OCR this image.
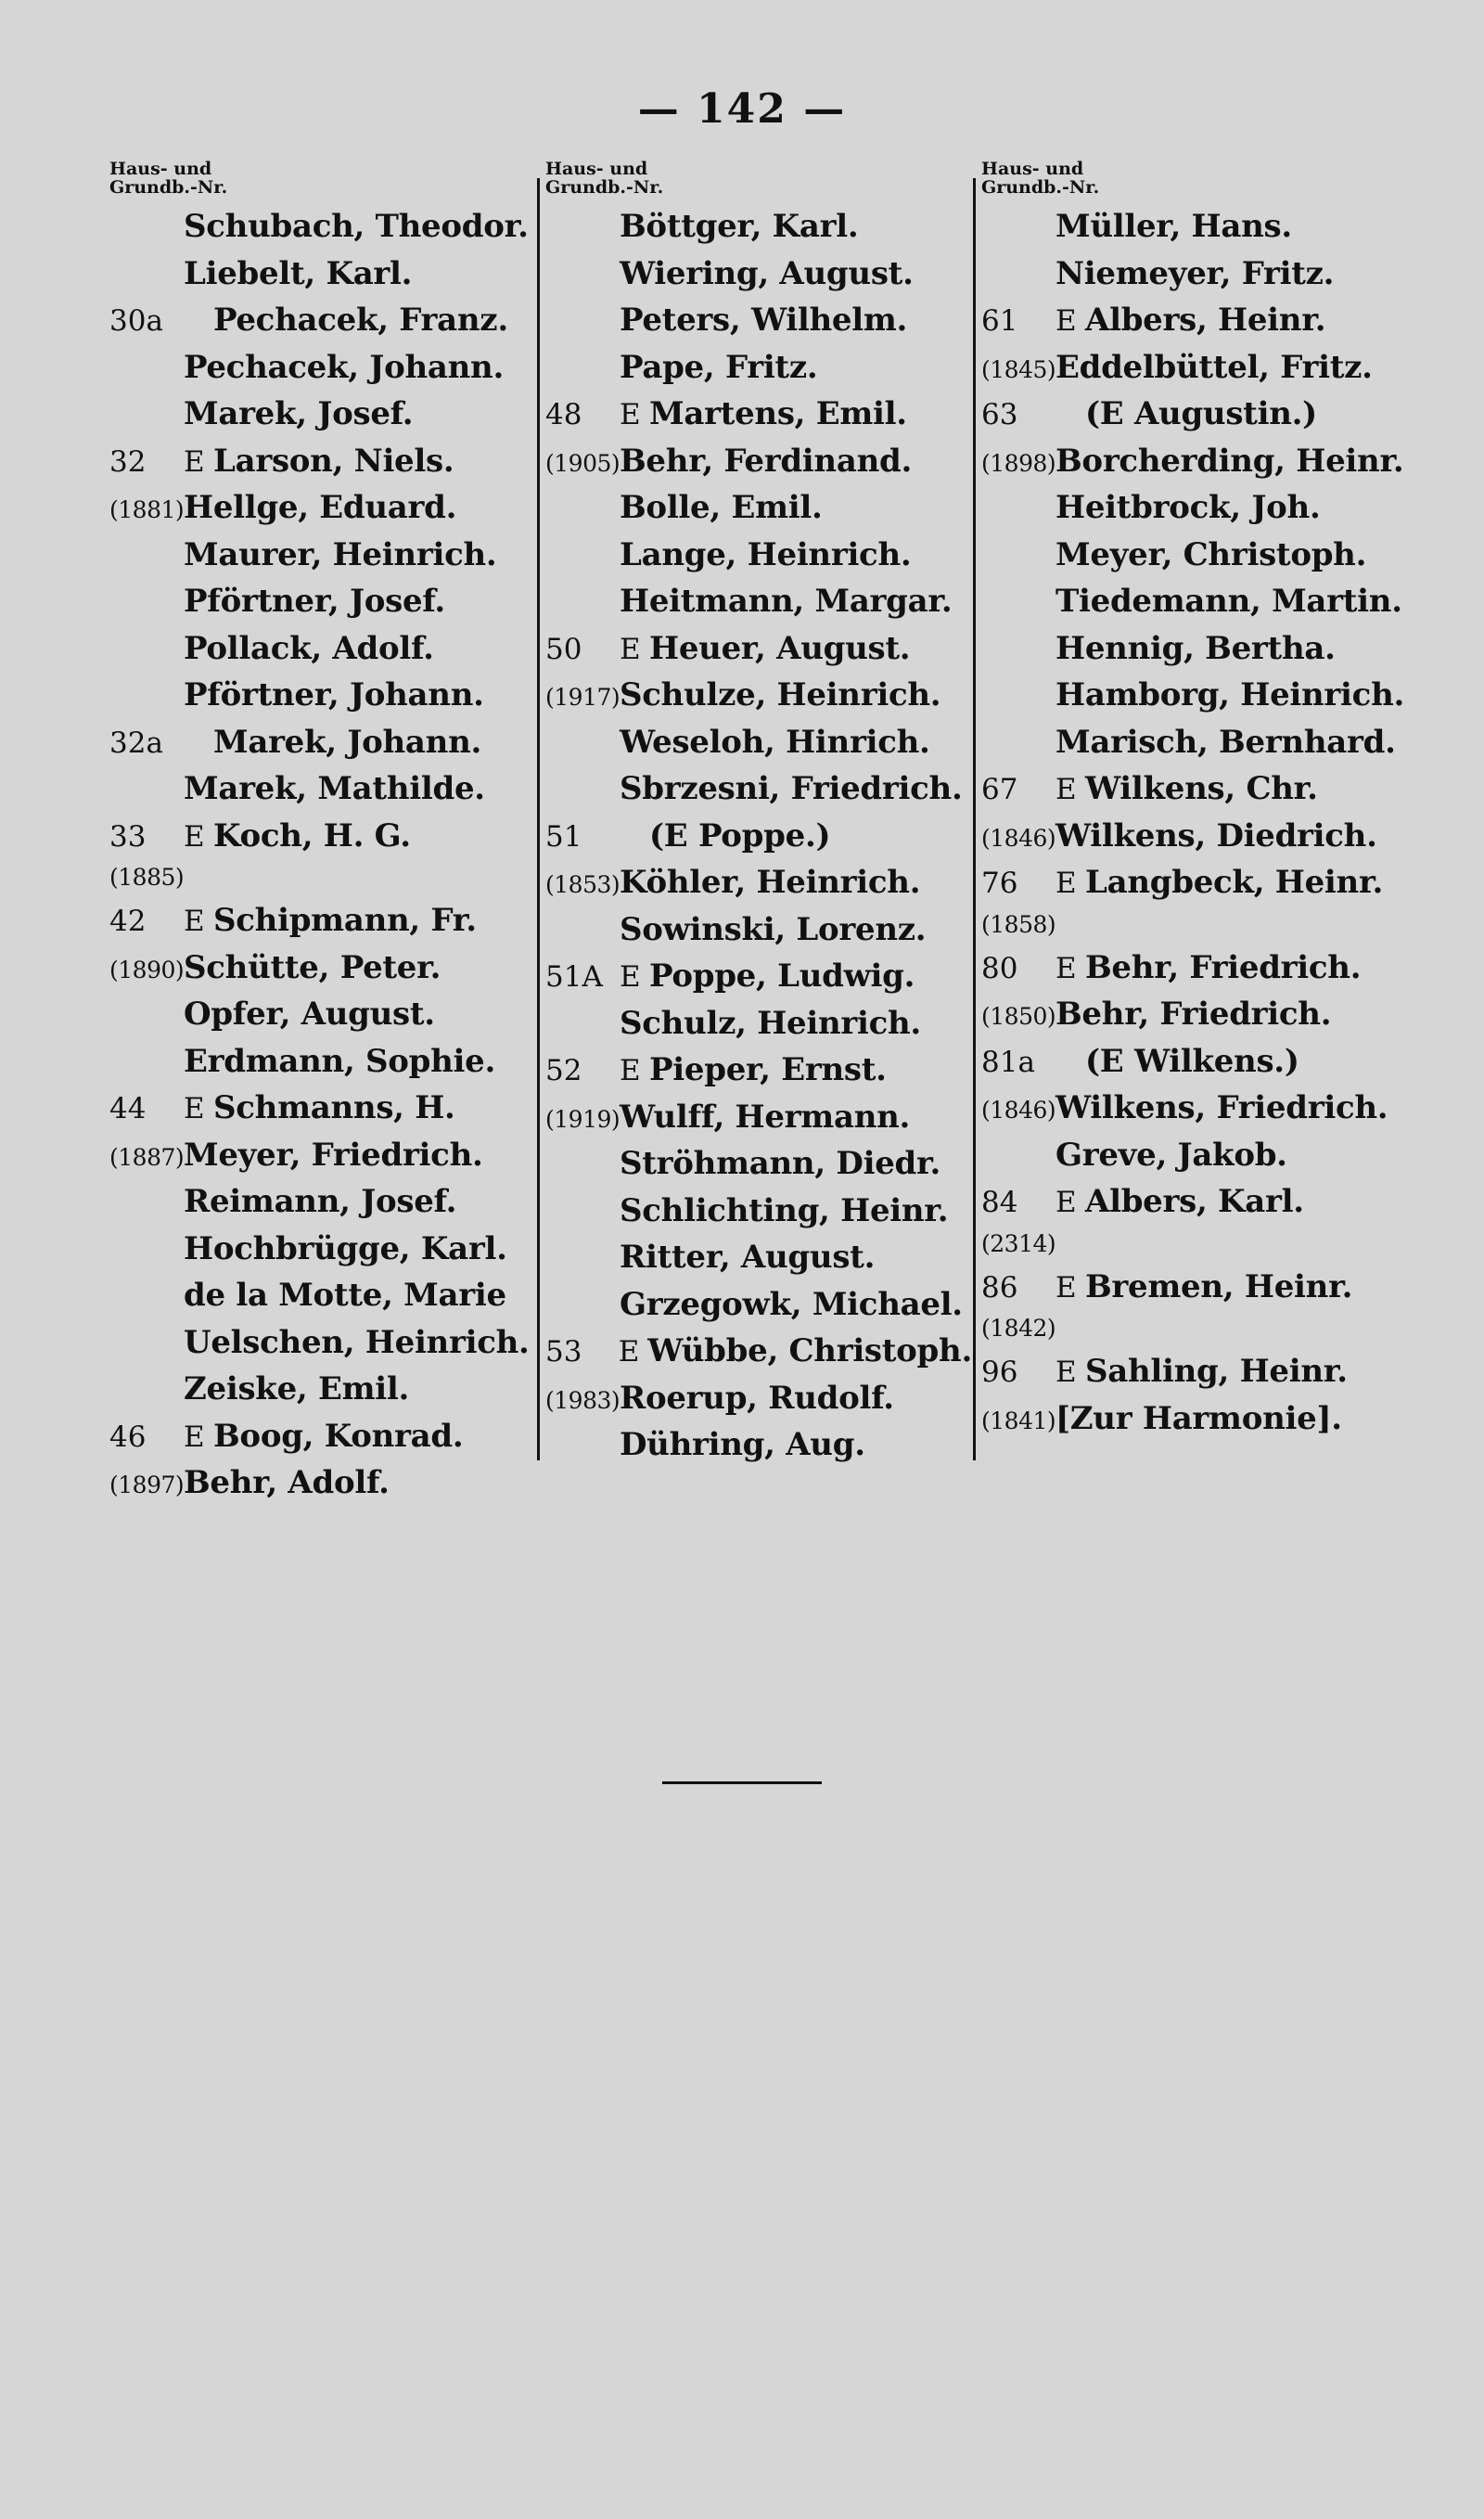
— 142 —
Haus- und
Grundb.-Nr.
Schubach, Theodor.
Liebelt, Karl.
30a	Pechacek, Franz.
Pechacek, Johann.
Marek, Josef.
32	E Larson, Niels.
(1881) Hellge, Eduard.
Maurer, Heinrich.
Pförtner, Josef.
Pollack, Adolf.
Pförtner, Johann.
32a	Marek, Johann.
Marek, Mathilde.
33	E Koch, H. G.
(1885)
42	E Schipmann, Fr.
(1890) Schütte, Peter.
Opfer, August.
Erdmann, Sophie.
44	E Schmanns, H.
(1887) Meyer, Friedrich.
Reimann, Josef.
Hochbrügge, Karl.
de la Motte, Marie
Uelschen, Heinrich.
Zeiske, Emil.
46	E Boog, Konrad.
(1897) Behr, Adolf.
Haus- und
Grundb.-Nr.
Böttger, Karl.
Wiering, August.
Peters, Wilhelm.
Pape, Fritz.
48	E Martens, Emil.
(1905) Behr, Ferdinand.
Bolle, Emil.
Lange, Heinrich.
Heitmann, Margar.
50	E Heuer, August.
(1917) Schulze, Heinrich.
Weseloh, Hinrich.
Sbrzesni, Friedrich.
51	(E Poppe.)
(1853) Köhler, Heinrich.
Sowinski, Lorenz.
51A E Poppe, Ludwig.
Schulz, Heinrich.
52	E Pieper, Ernst.
(1919) Wulff, Hermann.
Ströhmann, Diedr.
Schlichting, Heinr.
Ritter, August.
Grzegowk, Michael.
53	E Wübbe, Christoph.
(1983) Roerup, Rudolf.
Dühring, Aug.
Haus- und
Grundb.-Nr.
Müller, Hans.
Niemeyer, Fritz.
61	E Albers, Heinr.
(1845) Eddelbüttel, Fritz.
63	(E Augustin.)
(1898) Borcherding, Heinr.
Heitbrock, Joh.
Meyer, Christoph.
Tiedemann, Martin.
Hennig, Bertha.
Hamborg, Heinrich.
Marisch, Bernhard.
67	E Wilkens, Chr.
(1846) Wilkens, Diedrich.
76	E Langbeck, Heinr.
(1858)
80	E Behr, Friedrich.
(1850) Behr, Friedrich.
81a	(E Wilkens.)
(1846) Wilkens, Friedrich.
Greve, Jakob.
84	E Albers, Karl.
(2314)
86	E Bremen, Heinr.
(1842)
96	E Sahling, Heinr.
(1841) [Zur Harmonie].
